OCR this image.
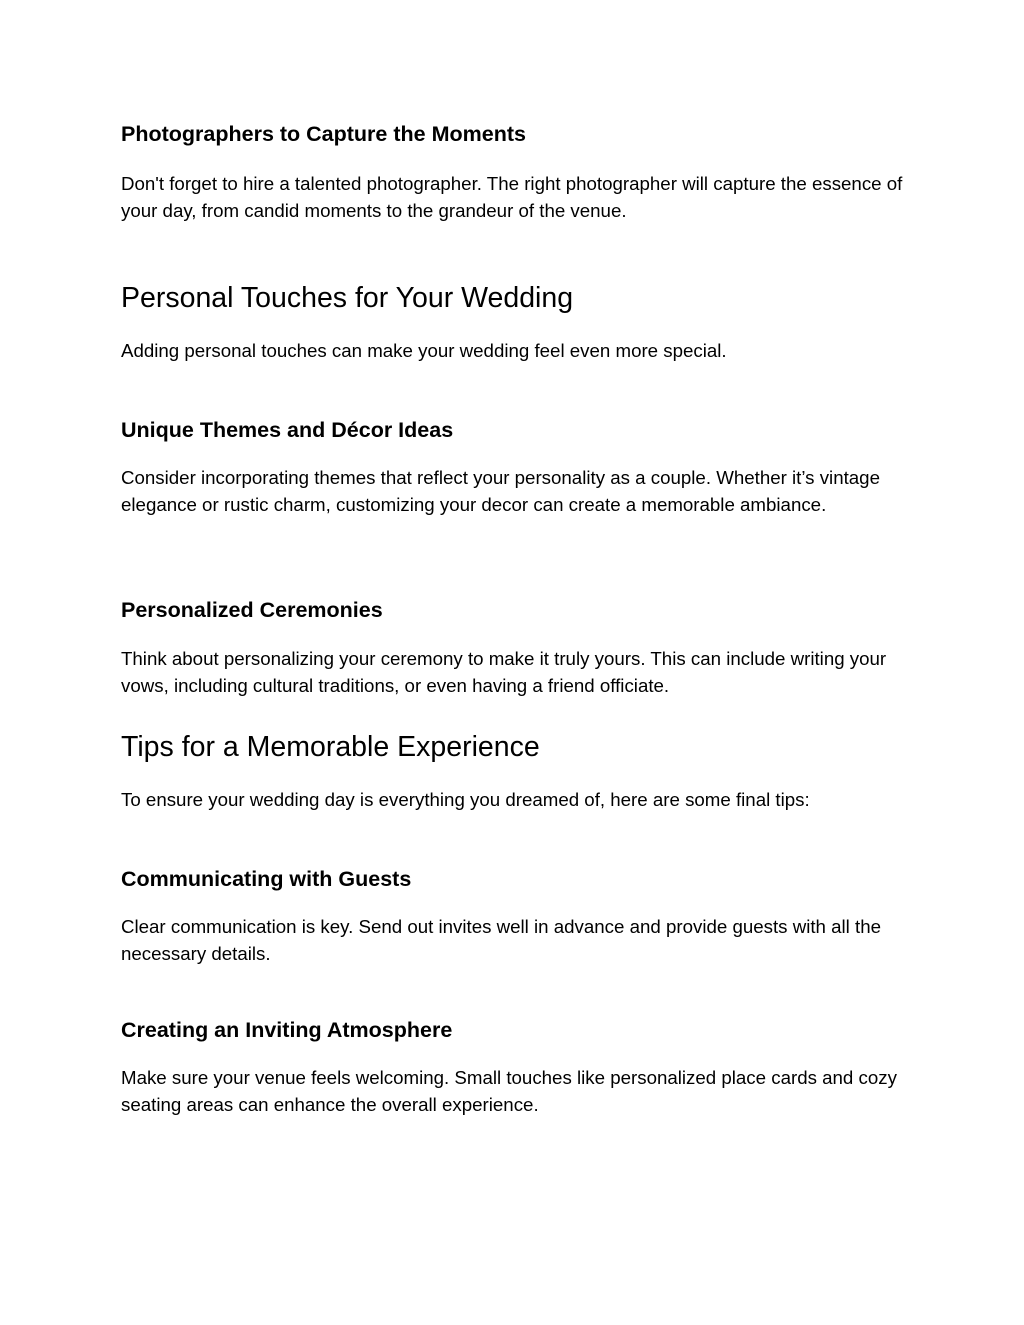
Photographers to Capture the Moments

Don't forget to hire a talented photographer. The right photographer will capture the essence of your day, from candid moments to the grandeur of the venue.

Personal Touches for Your Wedding

Adding personal touches can make your wedding feel even more special.

Unique Themes and Décor Ideas

Consider incorporating themes that reflect your personality as a couple. Whether it’s vintage elegance or rustic charm, customizing your decor can create a memorable ambiance.

Personalized Ceremonies

Think about personalizing your ceremony to make it truly yours. This can include writing your vows, including cultural traditions, or even having a friend officiate.

Tips for a Memorable Experience

To ensure your wedding day is everything you dreamed of, here are some final tips:

Communicating with Guests

Clear communication is key. Send out invites well in advance and provide guests with all the necessary details.

Creating an Inviting Atmosphere

Make sure your venue feels welcoming. Small touches like personalized place cards and cozy seating areas can enhance the overall experience.
